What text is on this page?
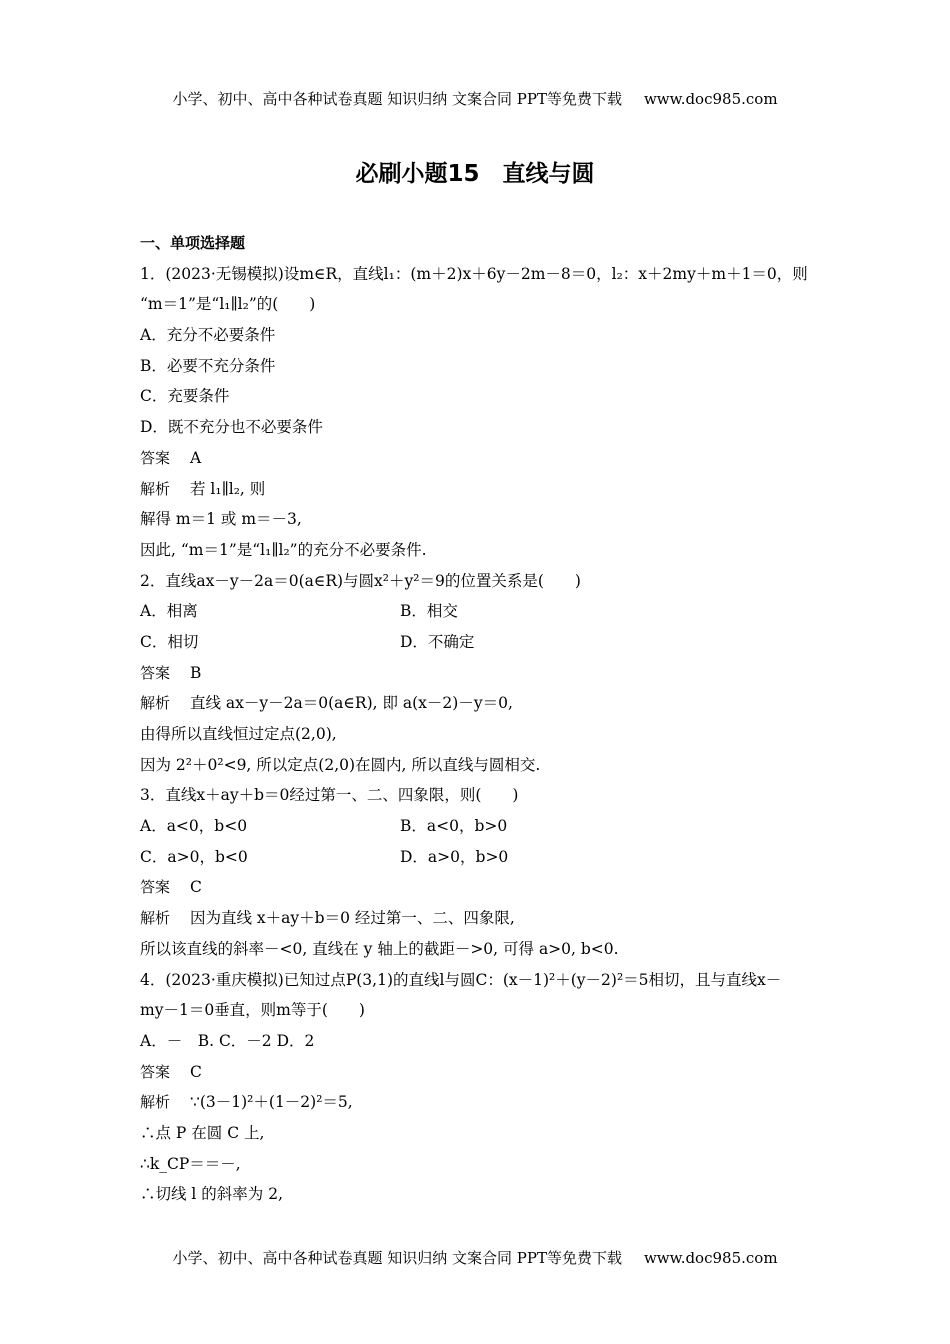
小学、初中、高中各种试卷真题 知识归纳 文案合同 PPT等免费下载 www.doc985.com
必刷小题15　直线与圆
一、单项选择题
1．(2023·无锡模拟)设m∈R，直线l₁：(m＋2)x＋6y－2m－8＝0，l₂：x＋2my＋m＋1＝0，则
“m＝1”是“l₁∥l₂”的(　　)
A．充分不必要条件
B．必要不充分条件
C．充要条件
D．既不充分也不必要条件
答案 A
解析 若 l₁∥l₂, 则
解得 m＝1 或 m＝－3,
因此, “m＝1”是“l₁∥l₂”的充分不必要条件.
2．直线ax－y－2a＝0(a∈R)与圆x²＋y²＝9的位置关系是(　　)
A．相离	B．相交
C．相切	D．不确定
答案 B
解析 直线 ax－y－2a＝0(a∈R), 即 a(x－2)－y＝0,
由得所以直线恒过定点(2,0),
因为 2²＋0²<9, 所以定点(2,0)在圆内, 所以直线与圆相交.
3．直线x＋ay＋b＝0经过第一、二、四象限，则(　　)
A．a<0，b<0	B．a<0，b>0
C．a>0，b<0	D．a>0，b>0
答案 C
解析 因为直线 x＋ay＋b＝0 经过第一、二、四象限,
所以该直线的斜率－<0, 直线在 y 轴上的截距－>0, 可得 a>0, b<0.
4．(2023·重庆模拟)已知过点P(3,1)的直线l与圆C：(x－1)²＋(y－2)²＝5相切，且与直线x－
my－1＝0垂直，则m等于(　　)
A．－　B. C．－2 D．2
答案 C
解析 ∵(3－1)²＋(1－2)²＝5,
∴点 P 在圆 C 上,
∴k_CP＝＝－,
∴切线 l 的斜率为 2,
小学、初中、高中各种试卷真题 知识归纳 文案合同 PPT等免费下载 www.doc985.com
